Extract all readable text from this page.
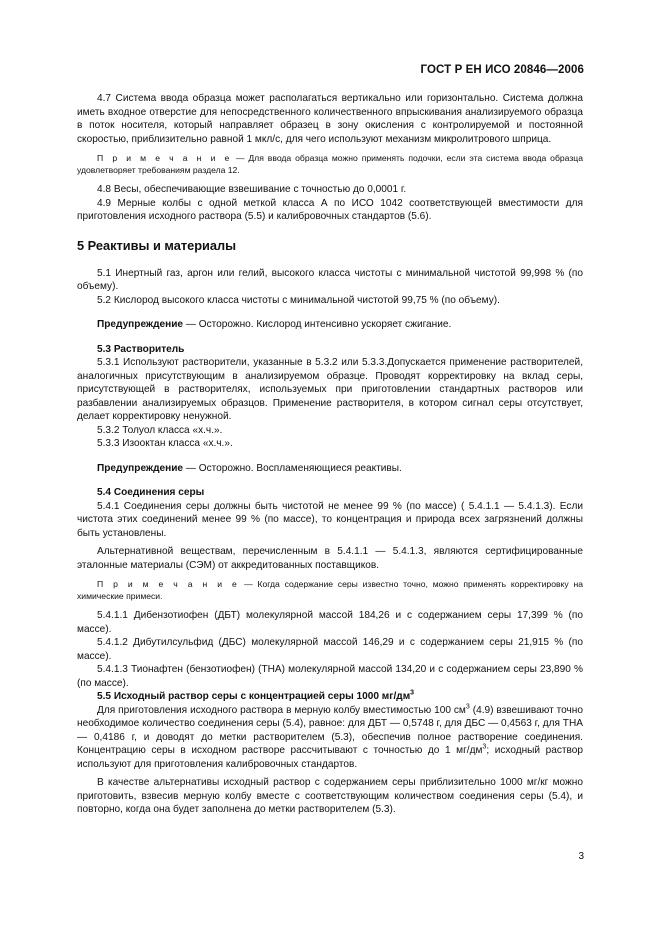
ГОСТ Р ЕН ИСО 20846—2006

4.7 Система ввода образца может располагаться вертикально или горизонтально. Система должна иметь входное отверстие для непосредственного количественного впрыскивания анализируемого образца в поток носителя, который направляет образец в зону окисления с контролируемой и постоянной скоростью, приблизительно равной 1 мкл/с, для чего используют механизм микролитрового шприца.

П р и м е ч а н и е — Для ввода образца можно применять подочки, если эта система ввода образца удовлетворяет требованиям раздела 12.

4.8 Весы, обеспечивающие взвешивание с точностью до 0,0001 г.

4.9 Мерные колбы с одной меткой класса А по ИСО 1042 соответствующей вместимости для приготовления исходного раствора (5.5) и калибровочных стандартов (5.6).

5 Реактивы и материалы

5.1 Инертный газ, аргон или гелий, высокого класса чистоты с минимальной чистотой 99,998 % (по объему).

5.2 Кислород высокого класса чистоты с минимальной чистотой 99,75 % (по объему).

Предупреждение — Осторожно. Кислород интенсивно ускоряет сжигание.

5.3 Растворитель

5.3.1 Используют растворители, указанные в 5.3.2 или 5.3.3.Допускается применение растворителей, аналогичных присутствующим в анализируемом образце. Проводят корректировку на вклад серы, присутствующей в растворителях, используемых при приготовлении стандартных растворов или разбавлении анализируемых образцов. Применение растворителя, в котором сигнал серы отсутствует, делает корректировку ненужной.

5.3.2 Толуол класса «х.ч.».

5.3.3 Изооктан класса «х.ч.».

Предупреждение — Осторожно. Воспламеняющиеся реактивы.

5.4 Соединения серы

5.4.1 Соединения серы должны быть чистотой не менее 99 % (по массе) ( 5.4.1.1 — 5.4.1.3). Если чистота этих соединений менее 99 % (по массе), то концентрация и природа всех загрязнений должны быть установлены.

Альтернативной веществам, перечисленным в 5.4.1.1 — 5.4.1.3, являются сертифицированные эталонные материалы (СЭМ) от аккредитованных поставщиков.

П р и м е ч а н и е — Когда содержание серы известно точно, можно применять корректировку на химические примеси.

5.4.1.1 Дибензотиофен (ДБТ) молекулярной массой 184,26 и с содержанием серы 17,399 % (по массе).

5.4.1.2 Дибутилсульфид (ДБС) молекулярной массой 146,29 и с содержанием серы 21,915 % (по массе).

5.4.1.3 Тионафтен (бензотиофен) (ТНА) молекулярной массой 134,20 и с содержанием серы 23,890 % (по массе).

5.5 Исходный раствор серы с концентрацией серы 1000 $мг/дм^3$

Для приготовления исходного раствора в мерную колбу вместимостью 100 $см^3$ (4.9) взвешивают точно необходимое количество соединения серы (5.4), равное: для ДБТ — 0,5748 г, для ДБС — 0,4563 г, для ТНА — 0,4186 г, и доводят до метки растворителем (5.3), обеспечив полное растворение соединения. Концентрацию серы в исходном растворе рассчитывают с точностью до 1 $мг/дм^3$; исходный раствор используют для приготовления калибровочных стандартов.

В качестве альтернативы исходный раствор с содержанием серы приблизительно 1000 мг/кг можно приготовить, взвесив мерную колбу вместе с соответствующим количеством соединения серы (5.4), и повторно, когда она будет заполнена до метки растворителем (5.3).

3
